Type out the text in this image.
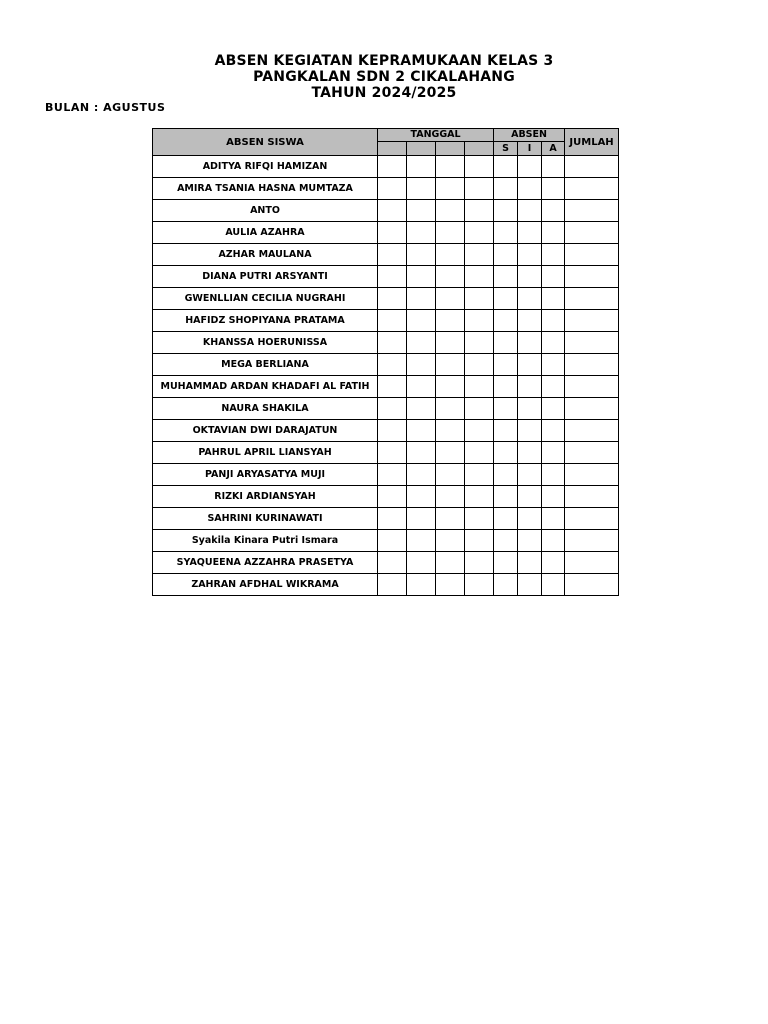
ABSEN KEGIATAN KEPRAMUKAAN KELAS 3
PANGKALAN SDN 2 CIKALAHANG
TAHUN 2024/2025
BULAN : AGUSTUS
ABSEN SISWA	TANGGAL				ABSEN			JUMLAH
					S	I	A	
ADITYA RIFQI HAMIZAN								
AMIRA TSANIA HASNA MUMTAZA								
ANTO								
AULIA AZAHRA								
AZHAR MAULANA								
DIANA PUTRI ARSYANTI								
GWENLLIAN CECILIA NUGRAHI								
HAFIDZ SHOPIYANA PRATAMA								
KHANSSA HOERUNISSA								
MEGA BERLIANA								
MUHAMMAD ARDAN KHADAFI AL FATIH								
NAURA SHAKILA								
OKTAVIAN DWI DARAJATUN								
PAHRUL APRIL LIANSYAH								
PANJI ARYASATYA MUJI								
RIZKI ARDIANSYAH								
SAHRINI KURINAWATI								
Syakila Kinara Putri Ismara								
SYAQUEENA AZZAHRA PRASETYA								
ZAHRAN AFDHAL WIKRAMA								
